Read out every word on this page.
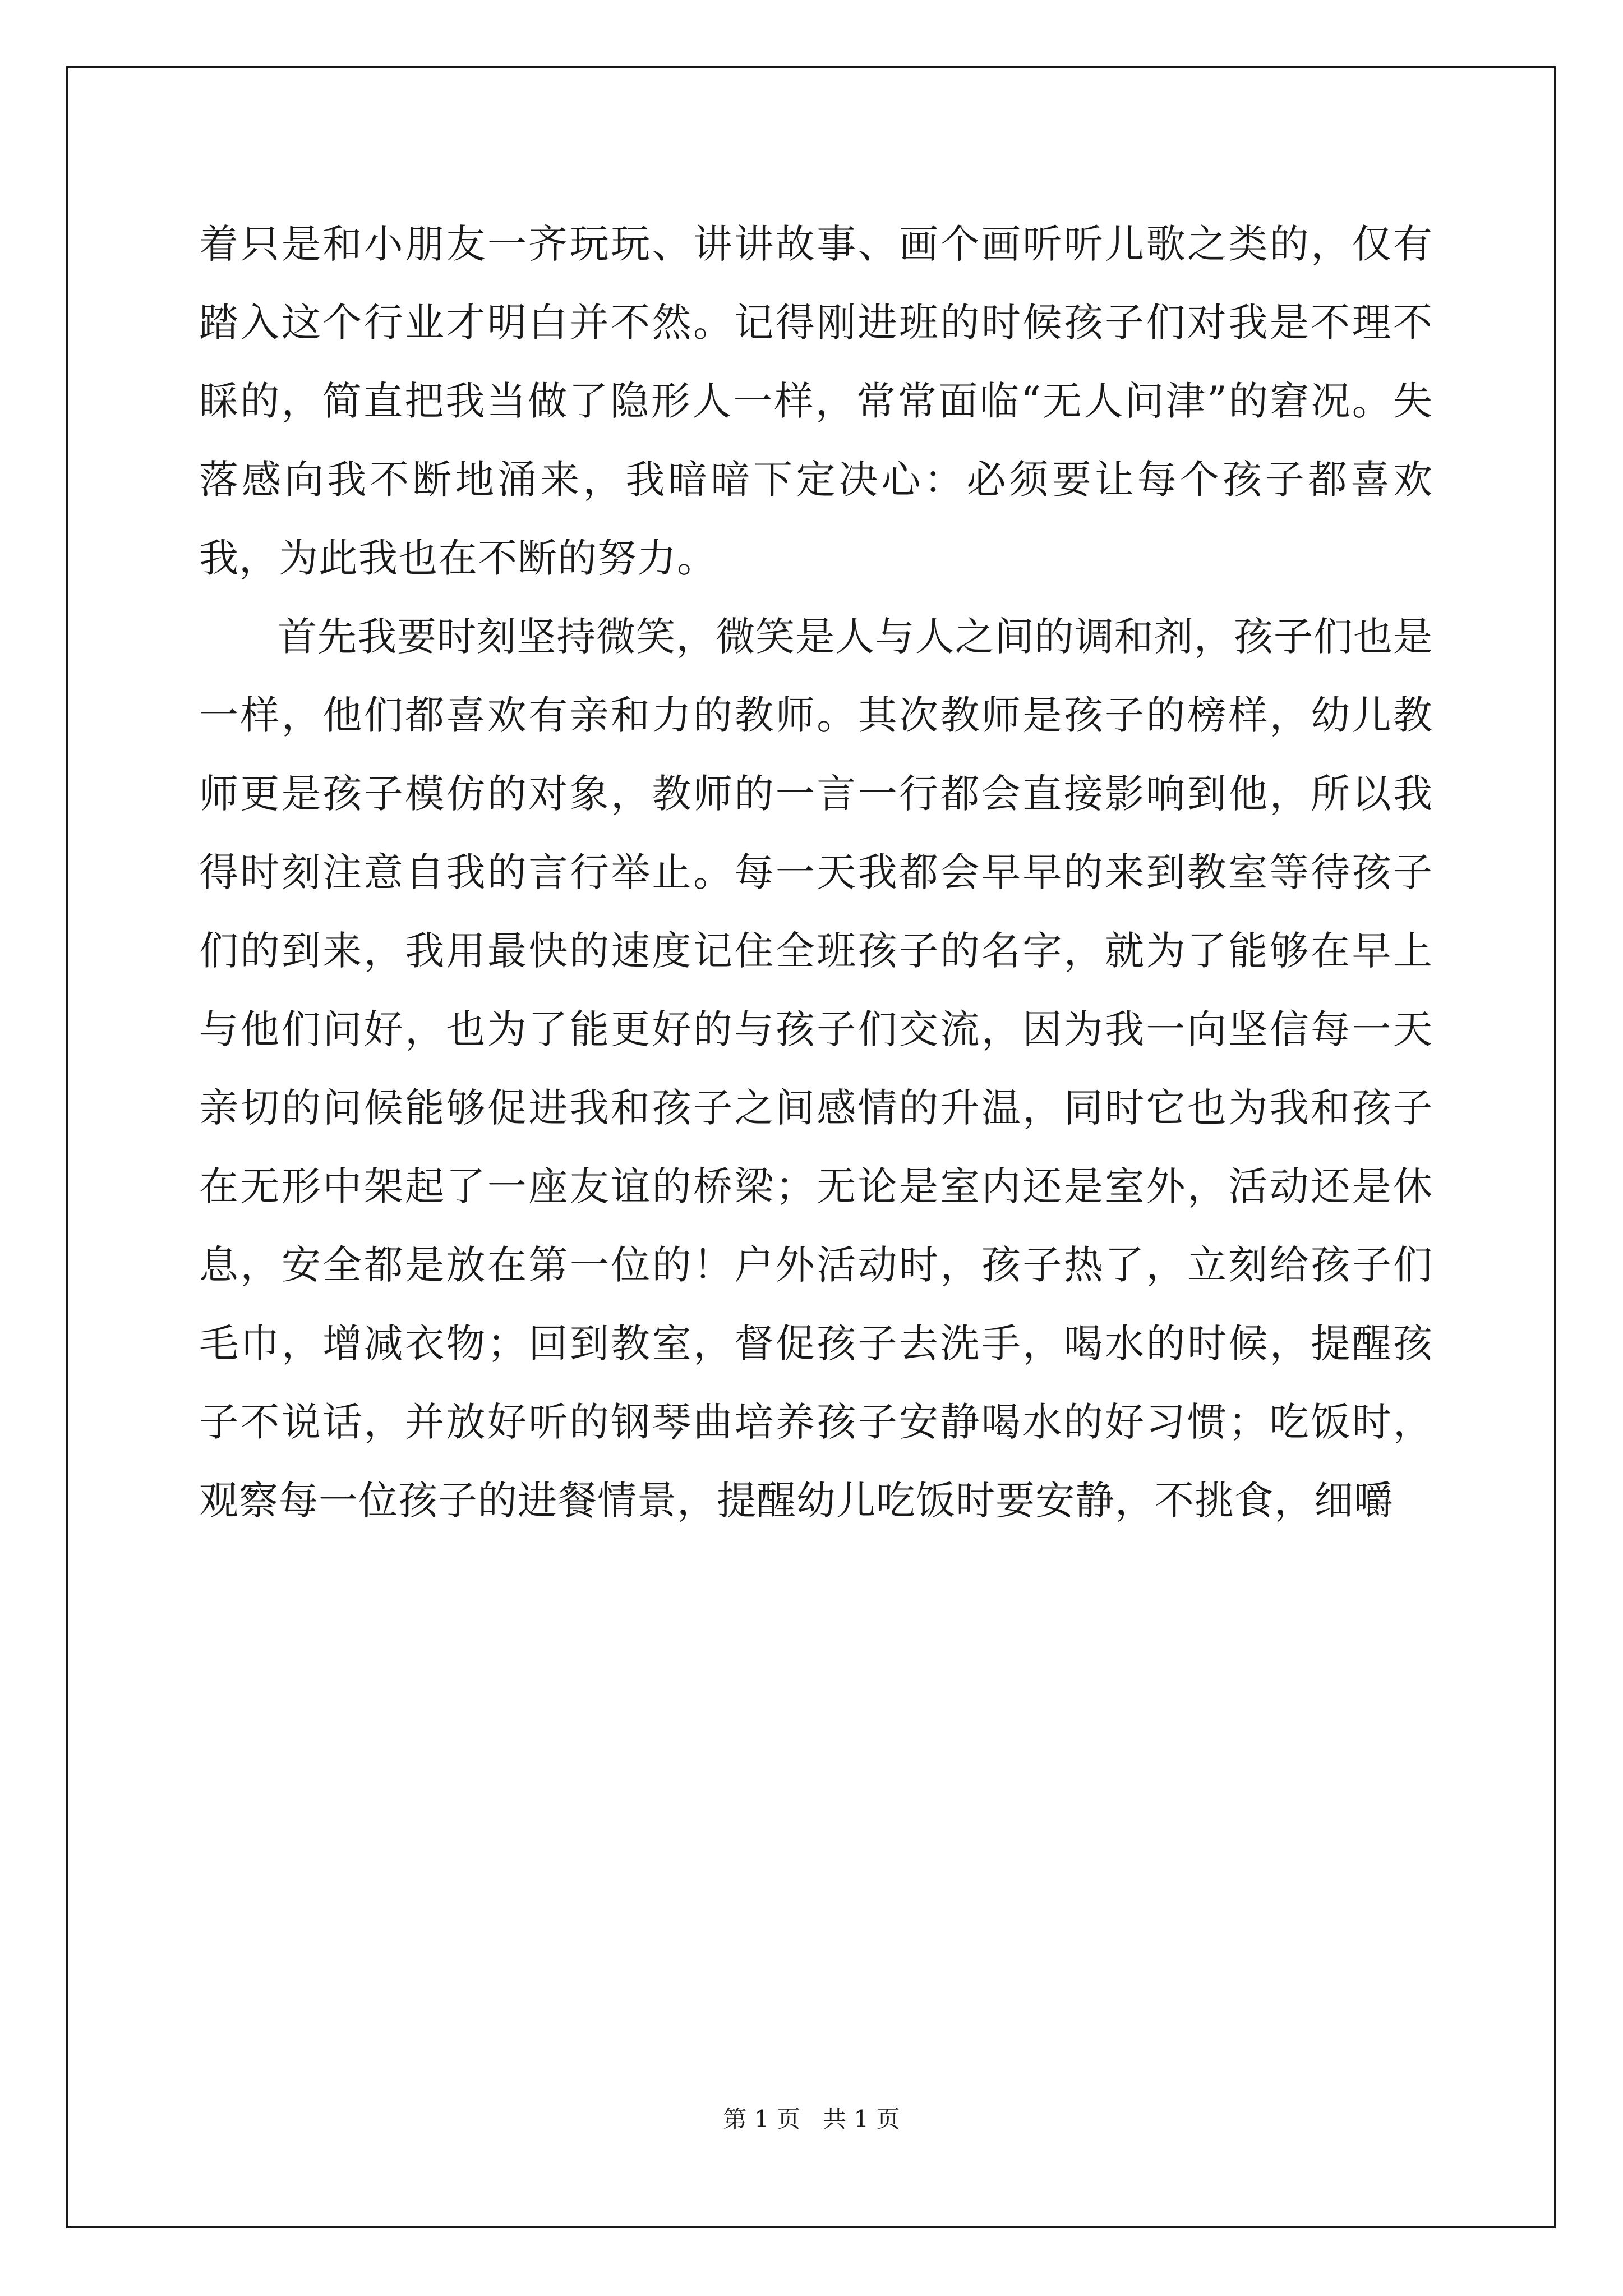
着只是和小朋友一齐玩玩、讲讲故事、画个画听听儿歌之类的，仅有踏入这个行业才明白并不然。记得刚进班的时候孩子们对我是不理不睬的，简直把我当做了隐形人一样，常常面临“无人问津”的窘况。失落感向我不断地涌来，我暗暗下定决心：必须要让每个孩子都喜欢我，为此我也在不断的努力。

首先我要时刻坚持微笑，微笑是人与人之间的调和剂，孩子们也是一样，他们都喜欢有亲和力的教师。其次教师是孩子的榜样，幼儿教师更是孩子模仿的对象，教师的一言一行都会直接影响到他，所以我得时刻注意自我的言行举止。每一天我都会早早的来到教室等待孩子们的到来，我用最快的速度记住全班孩子的名字，就为了能够在早上与他们问好，也为了能更好的与孩子们交流，因为我一向坚信每一天亲切的问候能够促进我和孩子之间感情的升温，同时它也为我和孩子在无形中架起了一座友谊的桥梁；无论是室内还是室外，活动还是休息，安全都是放在第一位的！户外活动时，孩子热了，立刻给孩子们毛巾，增减衣物；回到教室，督促孩子去洗手，喝水的时候，提醒孩子不说话，并放好听的钢琴曲培养孩子安静喝水的好习惯；吃饭时，观察每一位孩子的进餐情景，提醒幼儿吃饭时要安静，不挑食，细嚼

第 1 页 共 1 页
